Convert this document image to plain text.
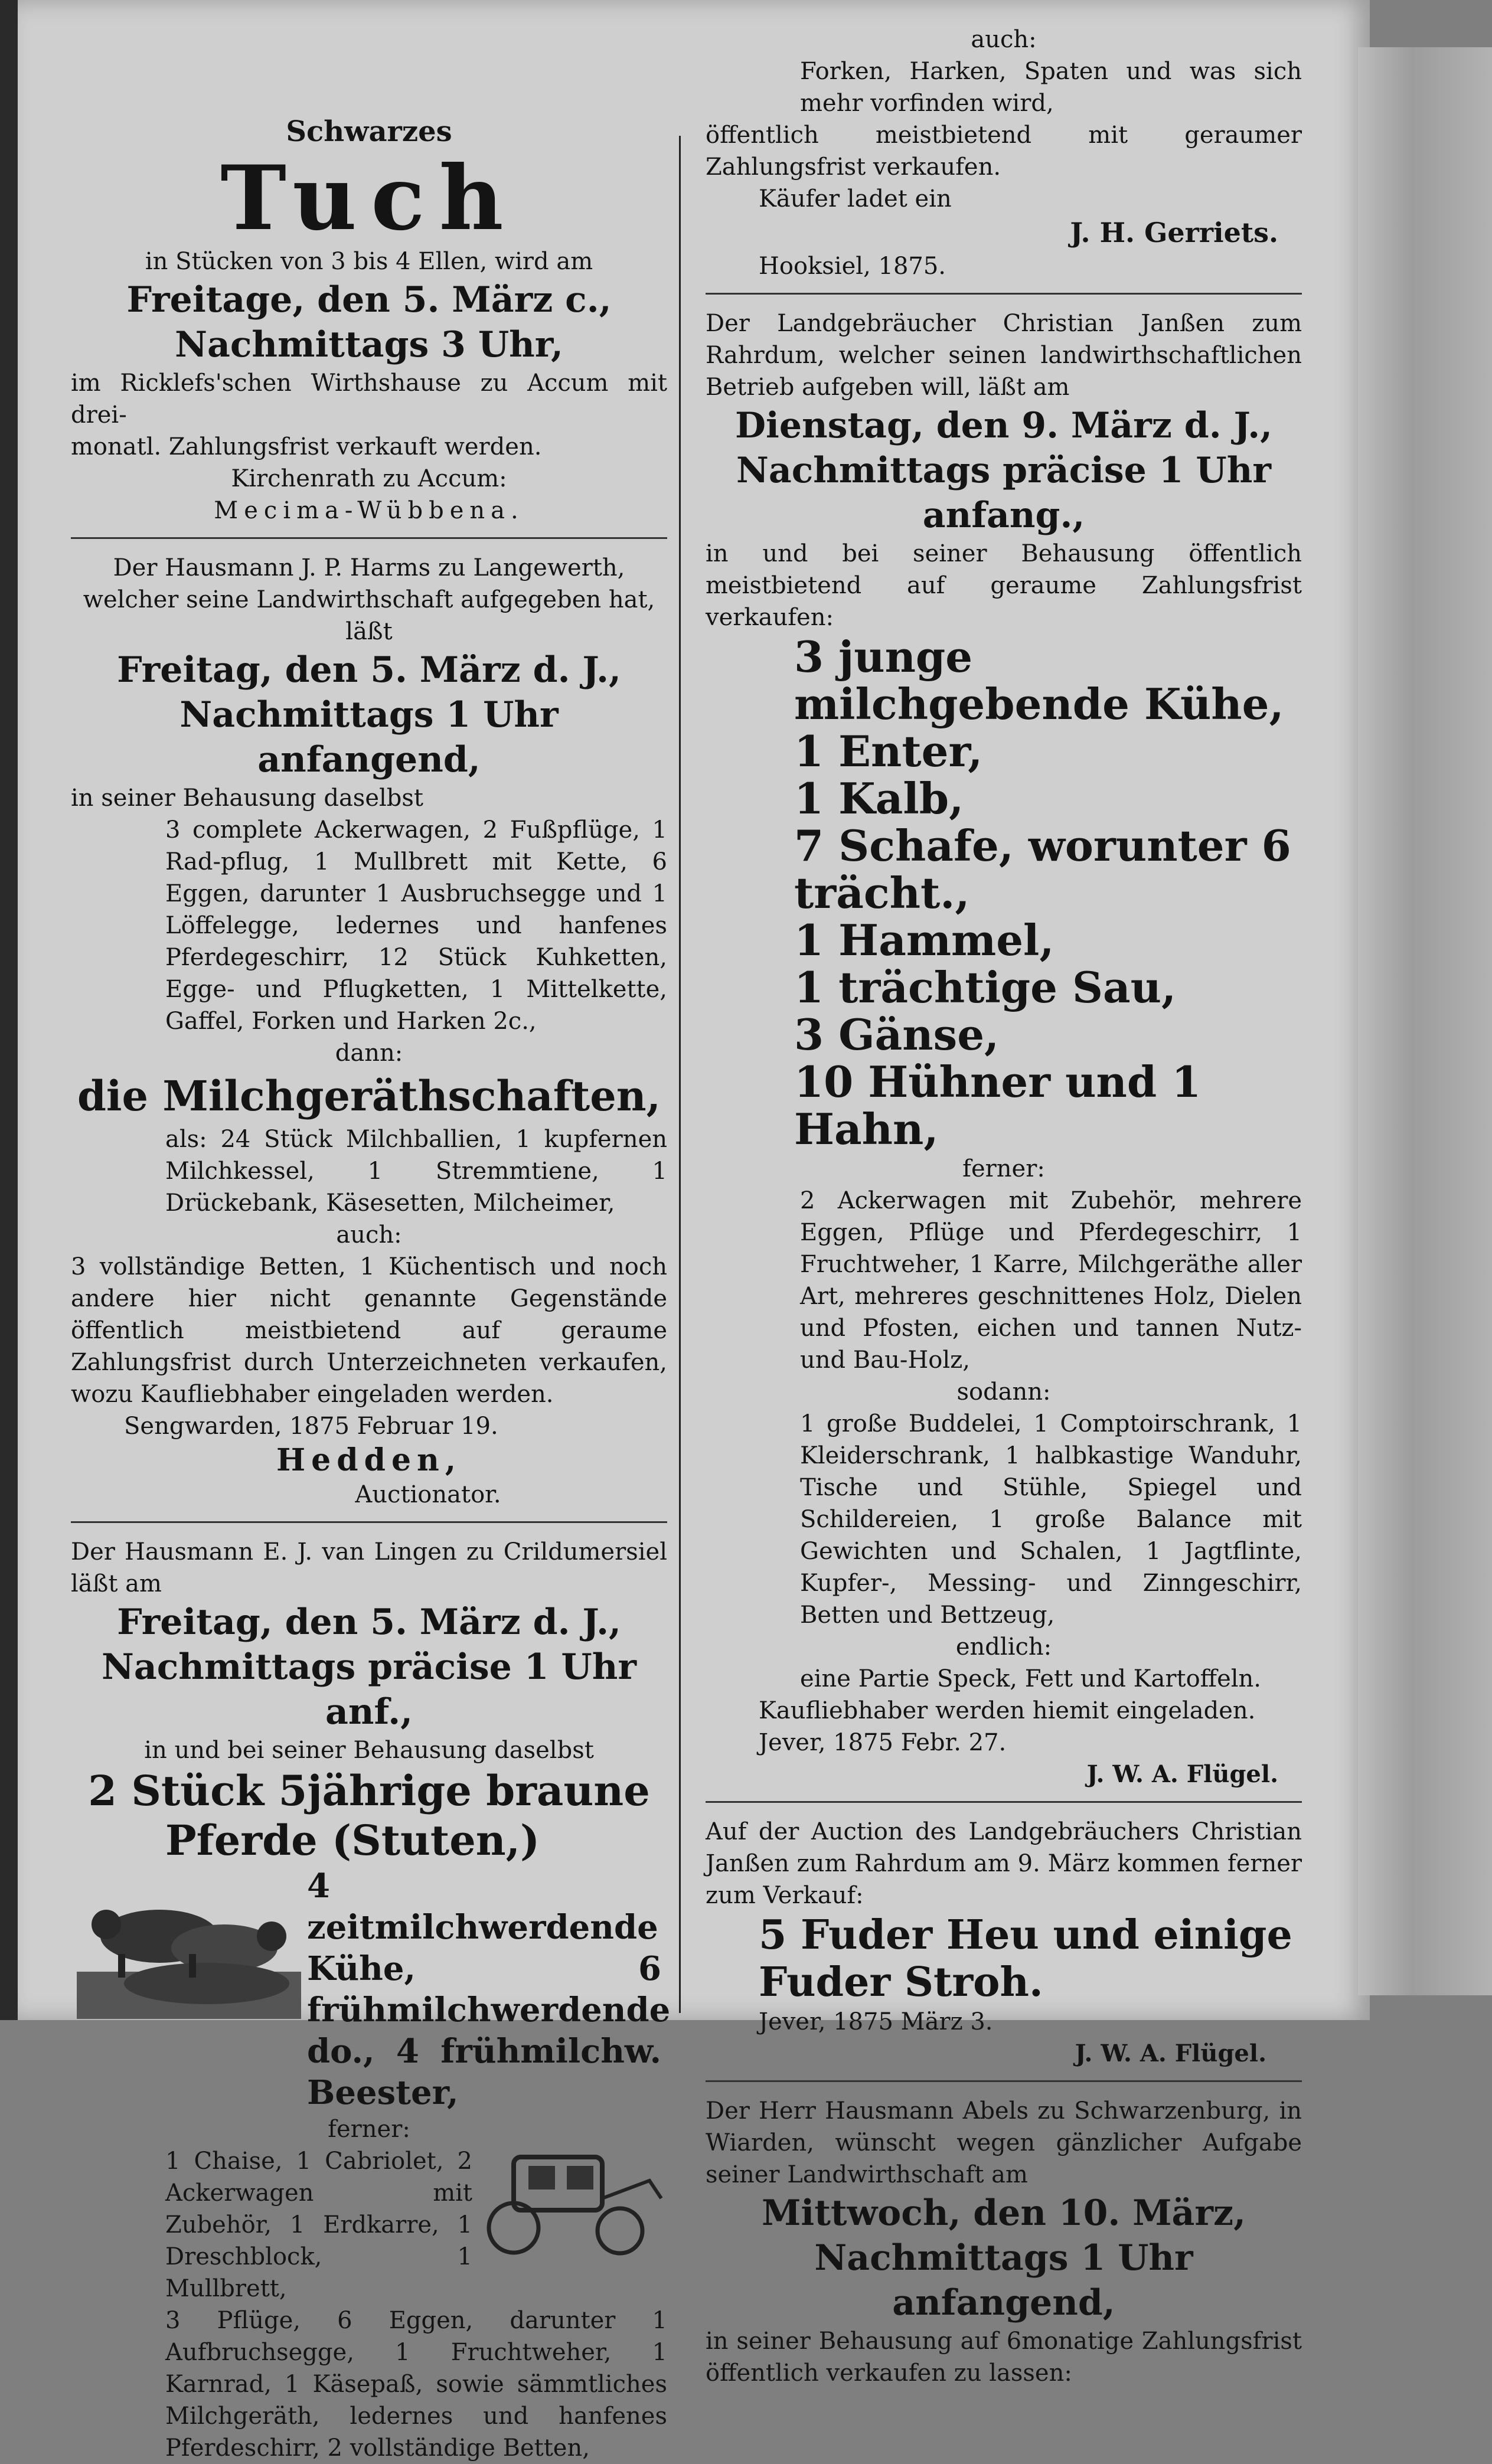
Schwarzes
Tuch
in Stücken von 3 bis 4 Ellen, wird am
Freitage, den 5. März c.,
Nachmittags 3 Uhr,
im Ricklefs'schen Wirthshause zu Accum mit drei-
monatl. Zahlungsfrist verkauft werden.
Kirchenrath zu Accum:
Mecima-Wübbena.
Der Hausmann J. P. Harms zu Langewerth,
welcher seine Landwirthschaft aufgegeben hat, läßt
Freitag, den 5. März d. J.,
Nachmittags 1 Uhr anfangend,
in seiner Behausung daselbst
3 complete Ackerwagen, 2 Fußpflüge, 1 Rad-pflug, 1 Mullbrett mit Kette, 6 Eggen, darunter 1 Ausbruchsegge und 1 Löffelegge, ledernes und hanfenes Pferdegeschirr, 12 Stück Kuhketten, Egge- und Pflugketten, 1 Mittelkette, Gaffel, Forken und Harken 2c.,
dann:
die Milchgeräthschaften,
als: 24 Stück Milchballien, 1 kupfernen Milchkessel, 1 Stremmtiene, 1 Drückebank, Käsesetten, Milcheimer,
auch:
3 vollständige Betten, 1 Küchentisch und noch andere hier nicht genannte Gegenstände öffentlich meistbietend auf geraume Zahlungsfrist durch Unterzeichneten verkaufen, wozu Kaufliebhaber eingeladen werden.
Sengwarden, 1875 Februar 19.
Hedden,
Auctionator.
Der Hausmann E. J. van Lingen zu Crildumersiel läßt am
Freitag, den 5. März d. J.,
Nachmittags präcise 1 Uhr anf.,
in und bei seiner Behausung daselbst
2 Stück 5jährige braune
Pferde (Stuten,)
4 zeitmilchwerdende Kühe, 6 frühmilchwerdende do., 4 frühmilchw. Beester,
ferner:
1 Chaise, 1 Cabriolet, 2 Ackerwagen mit Zubehör, 1 Erdkarre, 1 Dreschblock, 1 Mullbrett,
3 Pflüge, 6 Eggen, darunter 1 Aufbruchsegge, 1 Fruchtweher, 1 Karnrad, 1 Käsepaß, sowie sämmtliches Milchgeräth, ledernes und hanfenes Pferdeschirr, 2 vollständige Betten,
auch:
Forken, Harken, Spaten und was sich mehr vorfinden wird,
öffentlich meistbietend mit geraumer Zahlungsfrist verkaufen.
Käufer ladet ein
J. H. Gerriets.
Hooksiel, 1875.
Der Landgebräucher Christian Janßen zum Rahrdum, welcher seinen landwirthschaftlichen Betrieb aufgeben will, läßt am
Dienstag, den 9. März d. J.,
Nachmittags präcise 1 Uhr anfang.,
in und bei seiner Behausung öffentlich meistbietend auf geraume Zahlungsfrist verkaufen:
3 junge milchgebende Kühe,
1 Enter,
1 Kalb,
7 Schafe, worunter 6 trächt.,
1 Hammel,
1 trächtige Sau,
3 Gänse,
10 Hühner und 1 Hahn,
ferner:
2 Ackerwagen mit Zubehör, mehrere Eggen, Pflüge und Pferdegeschirr, 1 Fruchtweher, 1 Karre, Milchgeräthe aller Art, mehreres geschnittenes Holz, Dielen und Pfosten, eichen und tannen Nutz- und Bau-Holz,
sodann:
1 große Buddelei, 1 Comptoirschrank, 1 Kleiderschrank, 1 halbkastige Wanduhr, Tische und Stühle, Spiegel und Schildereien, 1 große Balance mit Gewichten und Schalen, 1 Jagtflinte, Kupfer-, Messing- und Zinngeschirr, Betten und Bettzeug,
endlich:
eine Partie Speck, Fett und Kartoffeln.
Kaufliebhaber werden hiemit eingeladen.
Jever, 1875 Febr. 27.
J. W. A. Flügel.
Auf der Auction des Landgebräuchers Christian Janßen zum Rahrdum am 9. März kommen ferner zum Verkauf:
5 Fuder Heu und einige
Fuder Stroh.
Jever, 1875 März 3.
J. W. A. Flügel.
Der Herr Hausmann Abels zu Schwarzenburg, in Wiarden, wünscht wegen gänzlicher Aufgabe seiner Landwirthschaft am
Mittwoch, den 10. März,
Nachmittags 1 Uhr anfangend,
in seiner Behausung auf 6monatige Zahlungsfrist öffentlich verkaufen zu lassen:
